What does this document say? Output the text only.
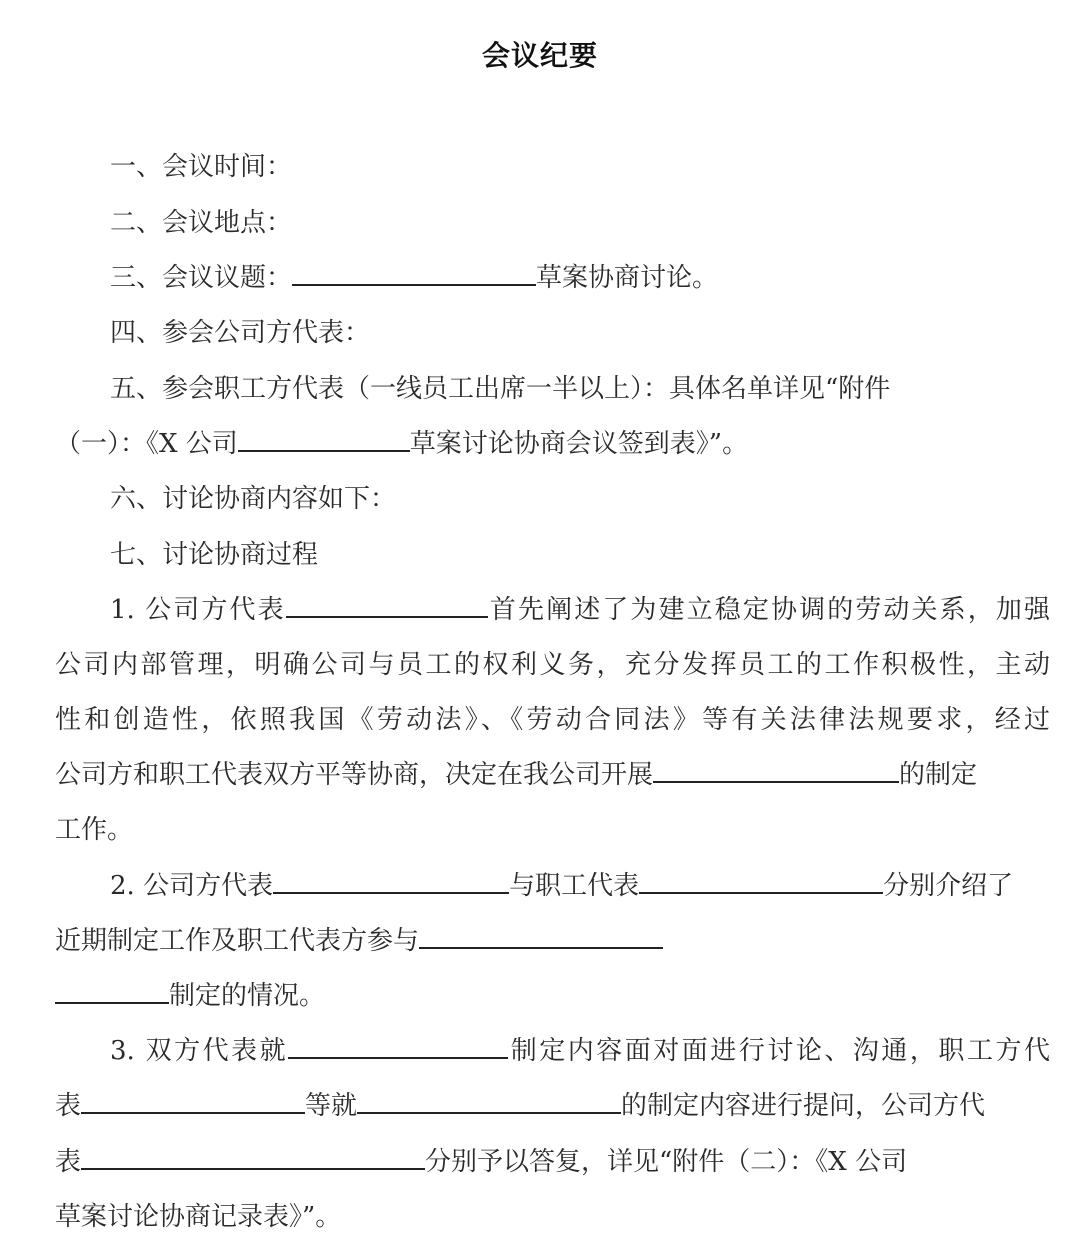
会议纪要
一、会议时间：
二、会议地点：
三、会议议题：	草案协商讨论。
四、参会公司方代表：
五、参会职工方代表（一线员工出席一半以上）：具体名单详见“附件
（一）：《X 公司	草案讨论协商会议签到表》”。
六、讨论协商内容如下：
七、讨论协商过程
1. 公司方代表	首先阐述了为建立稳定协调的劳动关系，加强
公司内部管理，明确公司与员工的权利义务，充分发挥员工的工作积极性，主动
性和创造性，依照我国《劳动法》、《劳动合同法》等有关法律法规要求，经过
公司方和职工代表双方平等协商，决定在我公司开展	的制定
工作。
2. 公司方代表	与职工代表	分别介绍了
近期制定工作及职工代表方参与
制定的情况。
3. 双方代表就	制定内容面对面进行讨论、沟通，职工方代
表	等就	的制定内容进行提问，公司方代
表	分别予以答复，详见“附件（二）：《X 公司
草案讨论协商记录表》”。
